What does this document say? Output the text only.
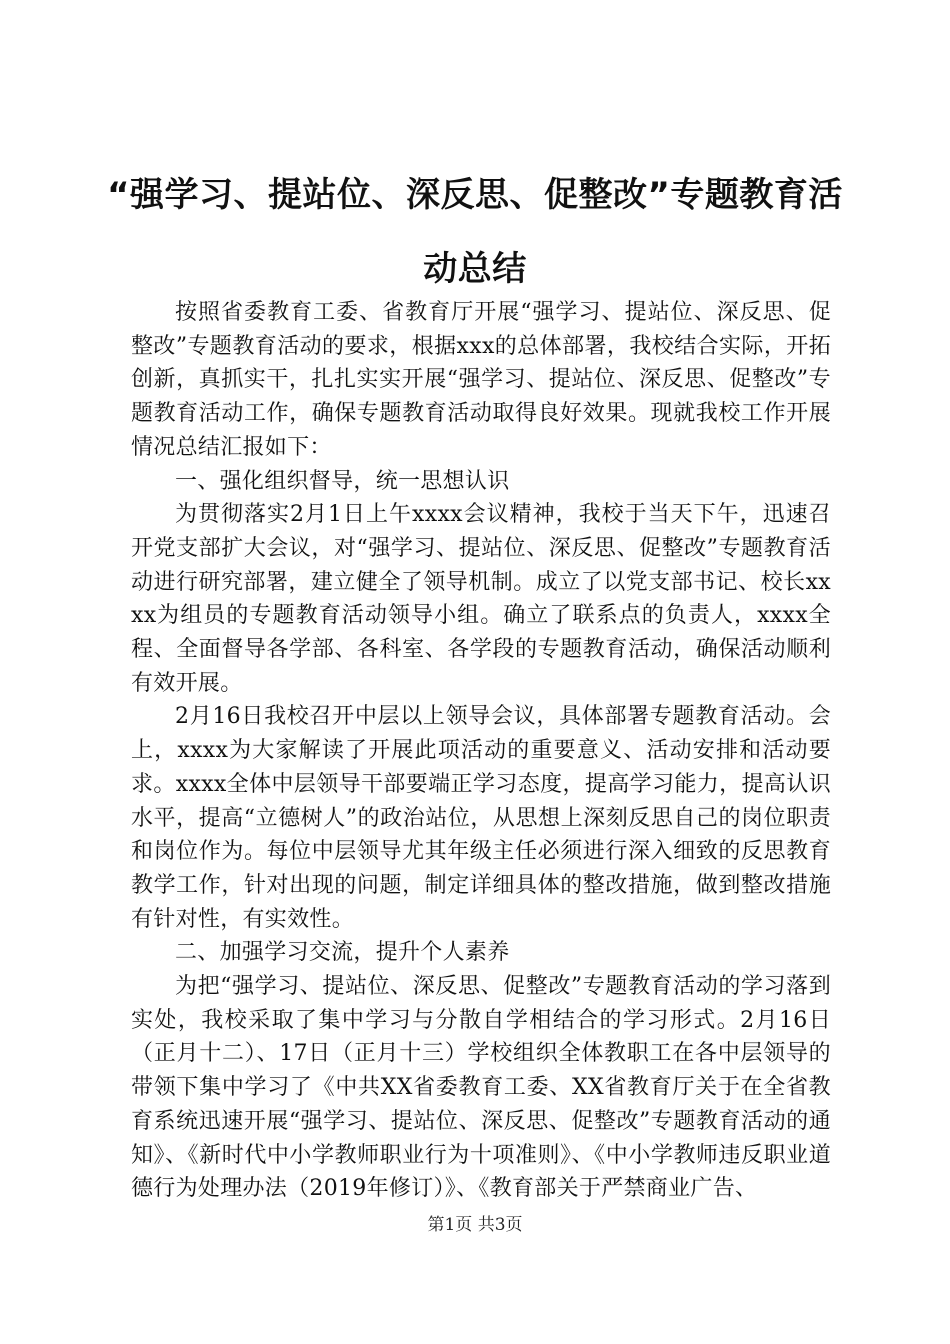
“强学习、提站位、深反思、促整改”专题教育活动总结

按照省委教育工委、省教育厅开展“强学习、提站位、深反思、促整改”专题教育活动的要求，根据xxx的总体部署，我校结合实际，开拓创新，真抓实干，扎扎实实开展“强学习、提站位、深反思、促整改”专题教育活动工作，确保专题教育活动取得良好效果。现就我校工作开展情况总结汇报如下：

一、强化组织督导，统一思想认识

为贯彻落实2月1日上午xxxx会议精神，我校于当天下午，迅速召开党支部扩大会议，对“强学习、提站位、深反思、促整改”专题教育活动进行研究部署，建立健全了领导机制。成立了以党支部书记、校长xxxx为组员的专题教育活动领导小组。确立了联系点的负责人，xxxx全程、全面督导各学部、各科室、各学段的专题教育活动，确保活动顺利有效开展。

2月16日我校召开中层以上领导会议，具体部署专题教育活动。会上，xxxx为大家解读了开展此项活动的重要意义、活动安排和活动要求。xxxx全体中层领导干部要端正学习态度，提高学习能力，提高认识水平，提高“立德树人”的政治站位，从思想上深刻反思自己的岗位职责和岗位作为。每位中层领导尤其年级主任必须进行深入细致的反思教育教学工作，针对出现的问题，制定详细具体的整改措施，做到整改措施有针对性，有实效性。

二、加强学习交流，提升个人素养

为把“强学习、提站位、深反思、促整改”专题教育活动的学习落到实处，我校采取了集中学习与分散自学相结合的学习形式。2月16日（正月十二）、17日（正月十三）学校组织全体教职工在各中层领导的带领下集中学习了《中共XX省委教育工委、XX省教育厅关于在全省教育系统迅速开展“强学习、提站位、深反思、促整改”专题教育活动的通知》、《新时代中小学教师职业行为十项准则》、《中小学教师违反职业道德行为处理办法（2019年修订）》、《教育部关于严禁商业广告、

第1页 共3页
